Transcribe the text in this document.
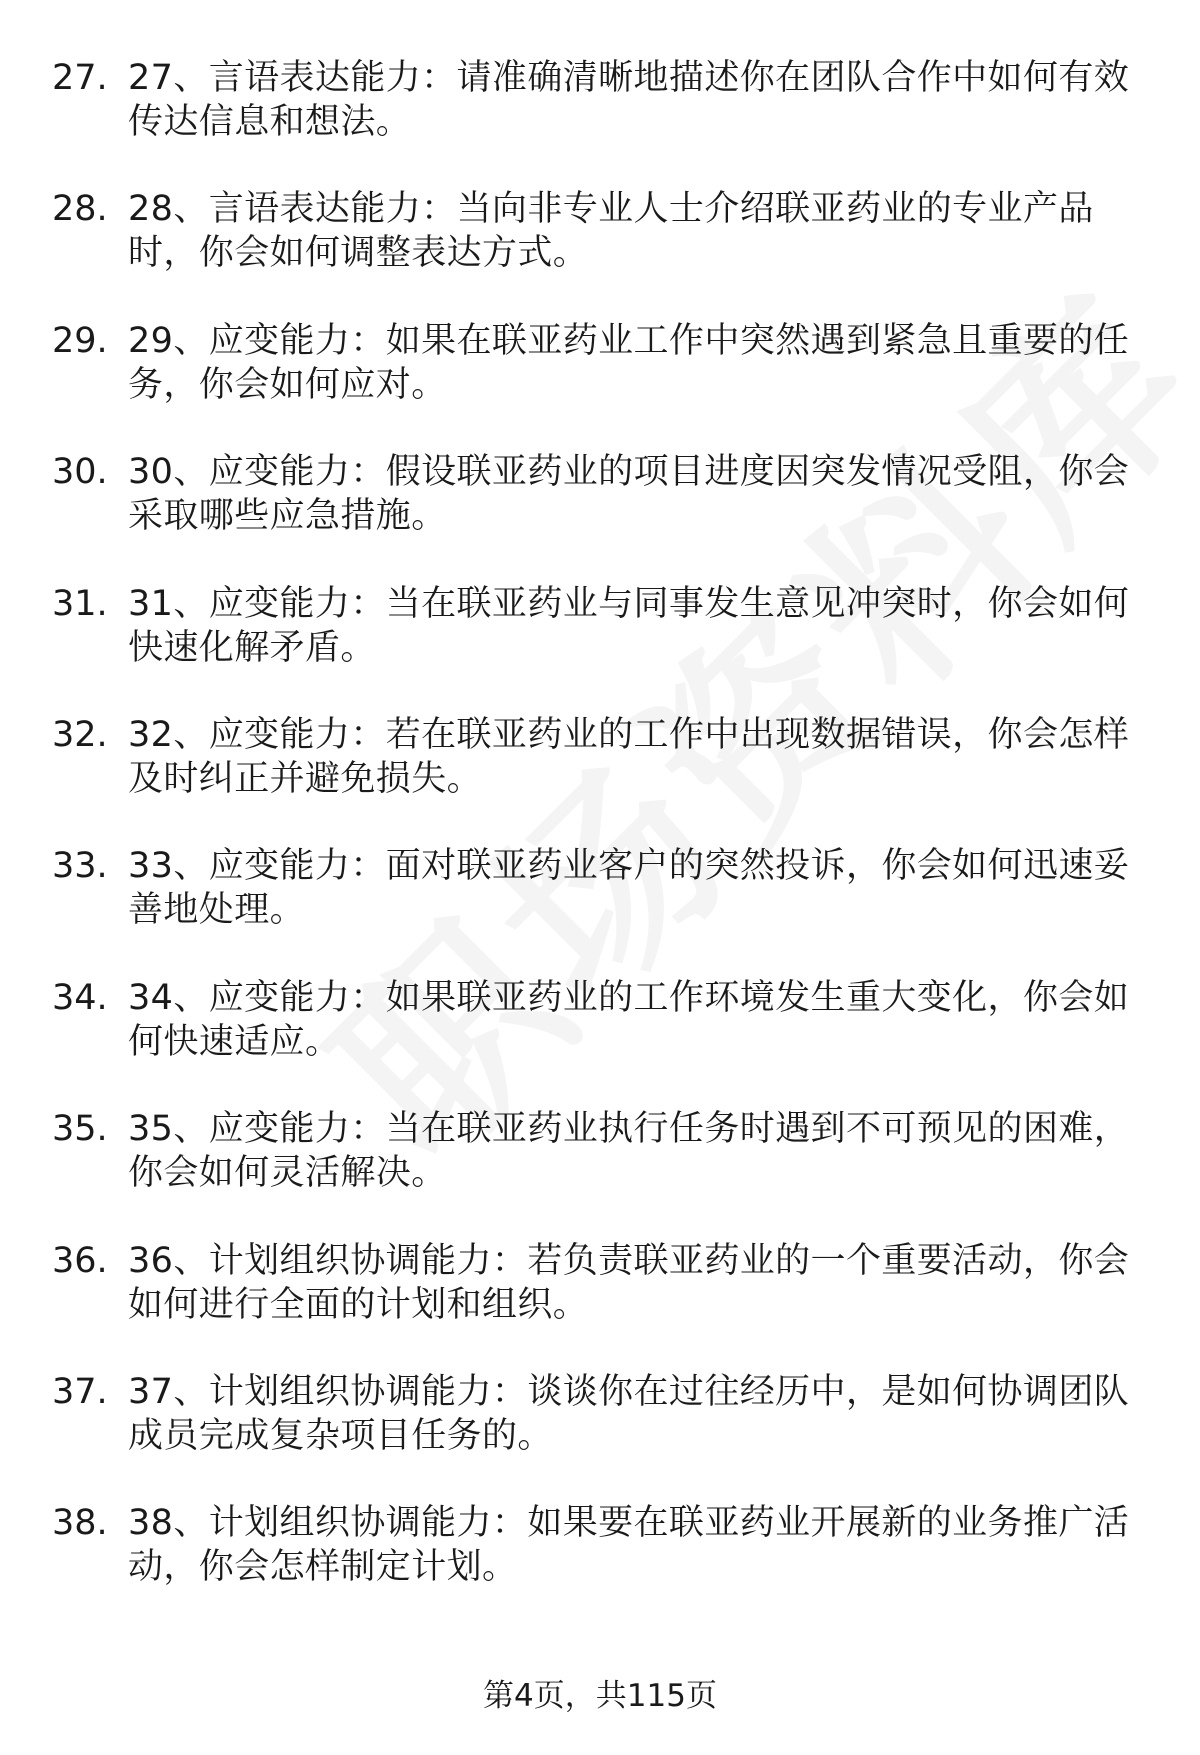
27. 27、言语表达能力：请准确清晰地描述你在团队合作中如何有效传达信息和想法。
28. 28、言语表达能力：当向非专业人士介绍联亚药业的专业产品时，你会如何调整表达方式。
29. 29、应变能力：如果在联亚药业工作中突然遇到紧急且重要的任务，你会如何应对。
30. 30、应变能力：假设联亚药业的项目进度因突发情况受阻，你会采取哪些应急措施。
31. 31、应变能力：当在联亚药业与同事发生意见冲突时，你会如何快速化解矛盾。
32. 32、应变能力：若在联亚药业的工作中出现数据错误，你会怎样及时纠正并避免损失。
33. 33、应变能力：面对联亚药业客户的突然投诉，你会如何迅速妥善地处理。
34. 34、应变能力：如果联亚药业的工作环境发生重大变化，你会如何快速适应。
35. 35、应变能力：当在联亚药业执行任务时遇到不可预见的困难，你会如何灵活解决。
36. 36、计划组织协调能力：若负责联亚药业的一个重要活动，你会如何进行全面的计划和组织。
37. 37、计划组织协调能力：谈谈你在过往经历中，是如何协调团队成员完成复杂项目任务的。
38. 38、计划组织协调能力：如果要在联亚药业开展新的业务推广活动，你会怎样制定计划。
第4页，共115页
